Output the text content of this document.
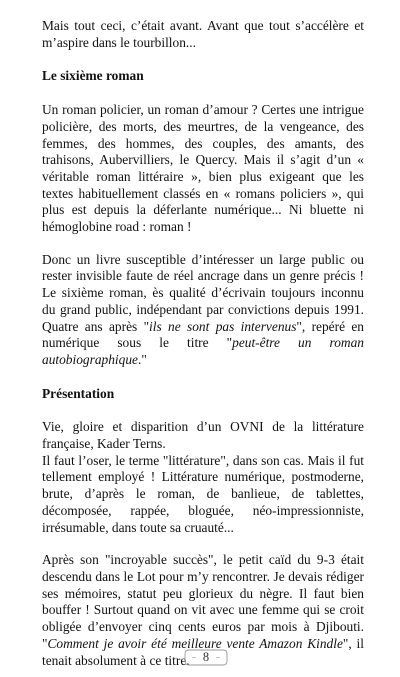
Mais tout ceci, c’était avant. Avant que tout s’accélère et m’aspire dans le tourbillon...

Le sixième roman

Un roman policier, un roman d’amour ? Certes une intrigue policière, des morts, des meurtres, de la vengeance, des femmes, des hommes, des couples, des amants, des trahisons, Aubervilliers, le Quercy. Mais il s’agit d’un « véritable roman littéraire », bien plus exigeant que les textes habituellement classés en « romans policiers », qui plus est depuis la déferlante numérique... Ni bluette ni hémoglobine road : roman !

Donc un livre susceptible d’intéresser un large public ou rester invisible faute de réel ancrage dans un genre précis ! Le sixième roman, ès qualité d’écrivain toujours inconnu du grand public, indépendant par convictions depuis 1991. Quatre ans après "ils ne sont pas intervenus", repéré en numérique sous le titre "peut-être un roman autobiographique."

Présentation

Vie, gloire et disparition d’un OVNI de la littérature française, Kader Terns.

Il faut l’oser, le terme "littérature", dans son cas. Mais il fut tellement employé ! Littérature numérique, postmoderne, brute, d’après le roman, de banlieue, de tablettes, décomposée, rappée, bloguée, néo-impressionniste, irrésumable, dans toute sa cruauté...

Après son "incroyable succès", le petit caïd du 9-3 était descendu dans le Lot pour m’y rencontrer. Je devais rédiger ses mémoires, statut peu glorieux du nègre. Il faut bien bouffer ! Surtout quand on vit avec une femme qui se croit obligée d’envoyer cinq cents euros par mois à Djibouti. "Comment je avoir été meilleure vente Amazon Kindle", il tenait absolument à ce titre.	8
